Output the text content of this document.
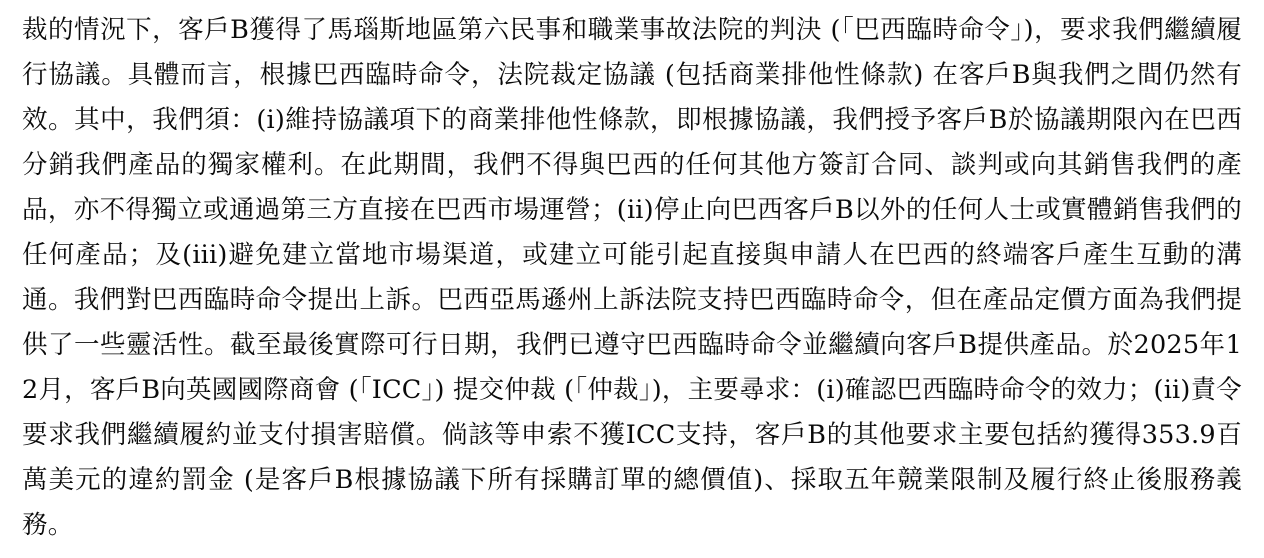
裁的情況下，客戶B獲得了馬瑙斯地區第六民事和職業事故法院的判決 (「巴西臨時命令」)，要求我們繼續履行協議。具體而言，根據巴西臨時命令，法院裁定協議 (包括商業排他性條款) 在客戶B與我們之間仍然有效。其中，我們須：(i)維持協議項下的商業排他性條款，即根據協議，我們授予客戶B於協議期限內在巴西分銷我們產品的獨家權利。在此期間，我們不得與巴西的任何其他方簽訂合同、談判或向其銷售我們的產品，亦不得獨立或通過第三方直接在巴西市場運營；(ii)停止向巴西客戶B以外的任何人士或實體銷售我們的任何產品；及(iii)避免建立當地市場渠道，或建立可能引起直接與申請人在巴西的終端客戶產生互動的溝通。我們對巴西臨時命令提出上訴。巴西亞馬遜州上訴法院支持巴西臨時命令，但在產品定價方面為我們提供了一些靈活性。截至最後實際可行日期，我們已遵守巴西臨時命令並繼續向客戶B提供產品。於2025年12月，客戶B向英國國際商會 (「ICC」) 提交仲裁 (「仲裁」)，主要尋求：(i)確認巴西臨時命令的效力；(ii)責令要求我們繼續履約並支付損害賠償。倘該等申索不獲ICC支持，客戶B的其他要求主要包括約獲得353.9百萬美元的違約罰金 (是客戶B根據協議下所有採購訂單的總價值)、採取五年競業限制及履行終止後服務義務。
